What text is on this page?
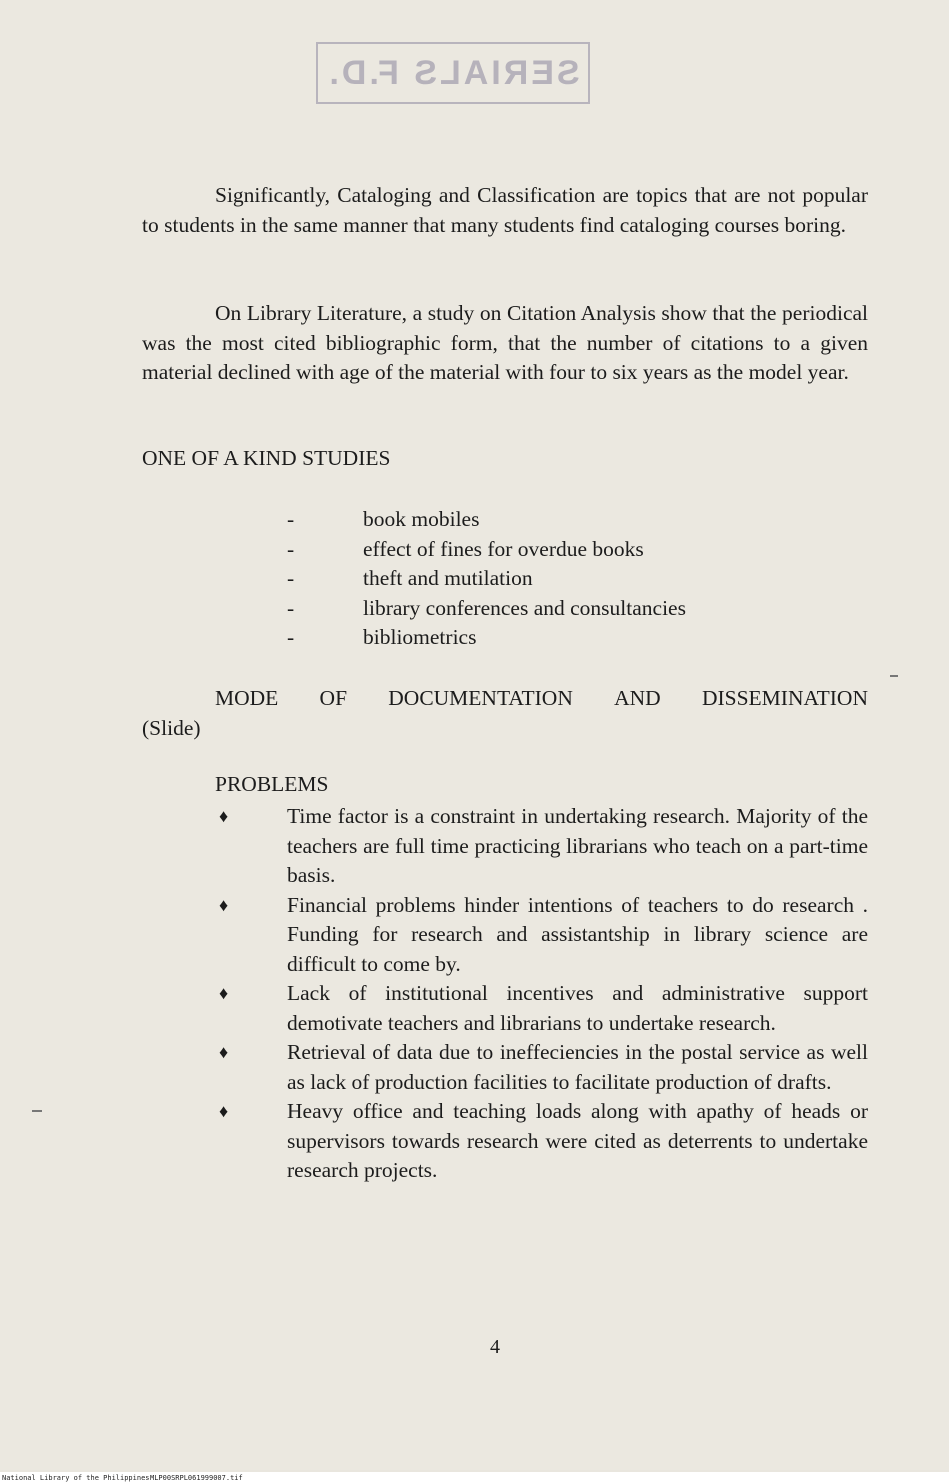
SERIALS F.D.

Significantly, Cataloging and Classification are topics that are not popular to students in the same manner that many students find cataloging courses boring.

On Library Literature, a study on Citation Analysis show that the periodical was the most cited bibliographic form, that the number of citations to a given material declined with age of the material with four to six years as the model year.

ONE OF A KIND STUDIES

-	book mobiles
-	effect of fines for overdue books
-	theft and mutilation
-	library conferences and consultancies
-	bibliometrics
MODE OF DOCUMENTATION AND DISSEMINATION
(Slide)

PROBLEMS

♦	Time factor is a constraint in undertaking research. Majority of the teachers are full time practicing librarians who teach on a part-time basis.
♦	Financial problems hinder intentions of teachers to do research . Funding for research and assistantship in library science are difficult to come by.
♦	Lack of institutional incentives and administrative support demotivate teachers and librarians to undertake research.
♦	Retrieval of data due to ineffeciencies in the postal service as well as lack of production facilities to facilitate production of drafts.
♦	Heavy office and teaching loads along with apathy of heads or supervisors towards research were cited as deterrents to undertake research projects.
4
National Library of the Philippines MLP00SRPL061999007.tif
